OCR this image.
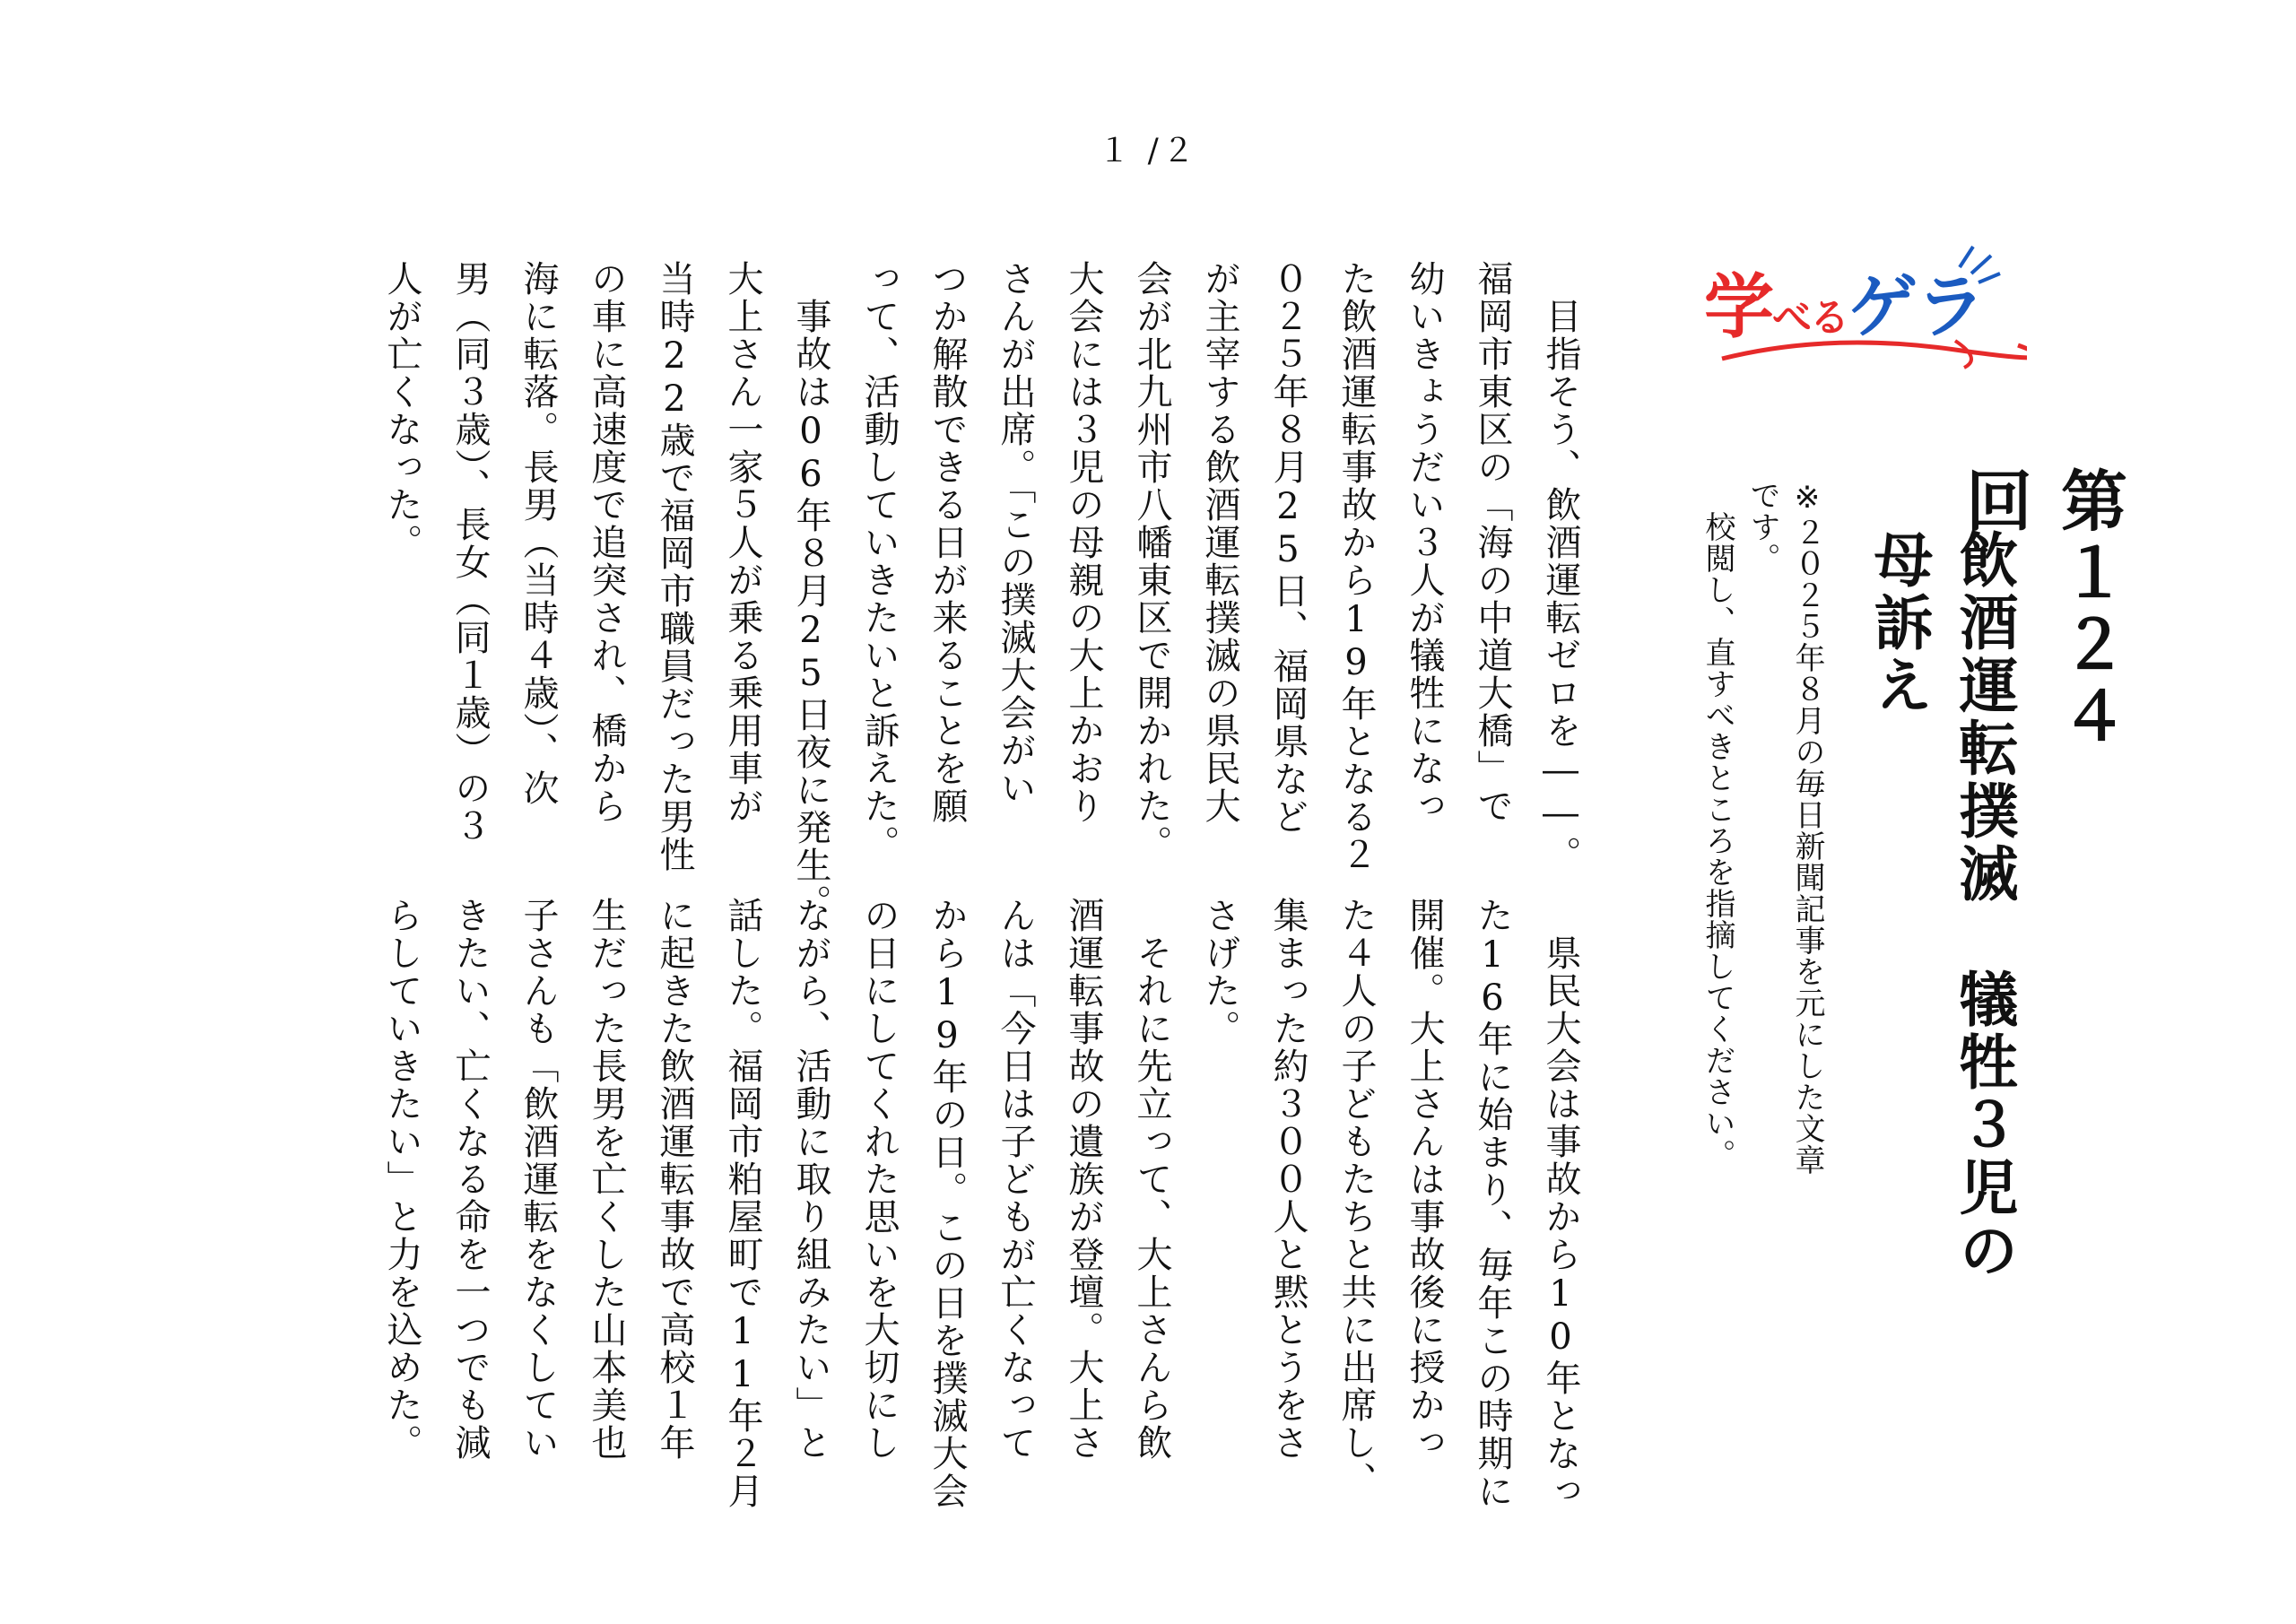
１ /２
学べるゲラ
第１２４回
飲酒運転撲滅　犠牲３児の母訴え
※２０２５年８月の毎日新聞記事を元にした文章です。
　校閲し、直すべきところを指摘してください。
　目指そう、飲酒運転ゼロを――。
福岡市東区の「海の中道大橋」で
幼いきょうだい３人が犠牲になっ
た飲酒運転事故から19年となる２
０２５年８月25日、福岡県など
が主宰する飲酒運転撲滅の県民大
会が北九州市八幡東区で開かれた。
大会には３児の母親の大上かおり
さんが出席。「この撲滅大会がい
つか解散できる日が来ることを願
って、活動していきたいと訴えた。
　事故は06年８月25日夜に発生。
大上さん一家５人が乗る乗用車が
当時22歳で福岡市職員だった男性
の車に高速度で追突され、橋から
海に転落。長男（当時４歳）、次
男（同３歳）、長女（同１歳）の３
人が亡くなった。
　県民大会は事故から10年となっ
た16年に始まり、毎年この時期に
開催。大上さんは事故後に授かっ
た４人の子どもたちと共に出席し、
集まった約３００人と黙とうをさ
さげた。
　それに先立って、大上さんら飲
酒運転事故の遺族が登壇。大上さ
んは「今日は子どもが亡くなって
から19年の日。この日を撲滅大会
の日にしてくれた思いを大切にし
ながら、活動に取り組みたい」と
話した。福岡市粕屋町で11年２月
に起きた飲酒運転事故で高校１年
生だった長男を亡くした山本美也
子さんも「飲酒運転をなくしてい
きたい、亡くなる命を一つでも減
らしていきたい」と力を込めた。
